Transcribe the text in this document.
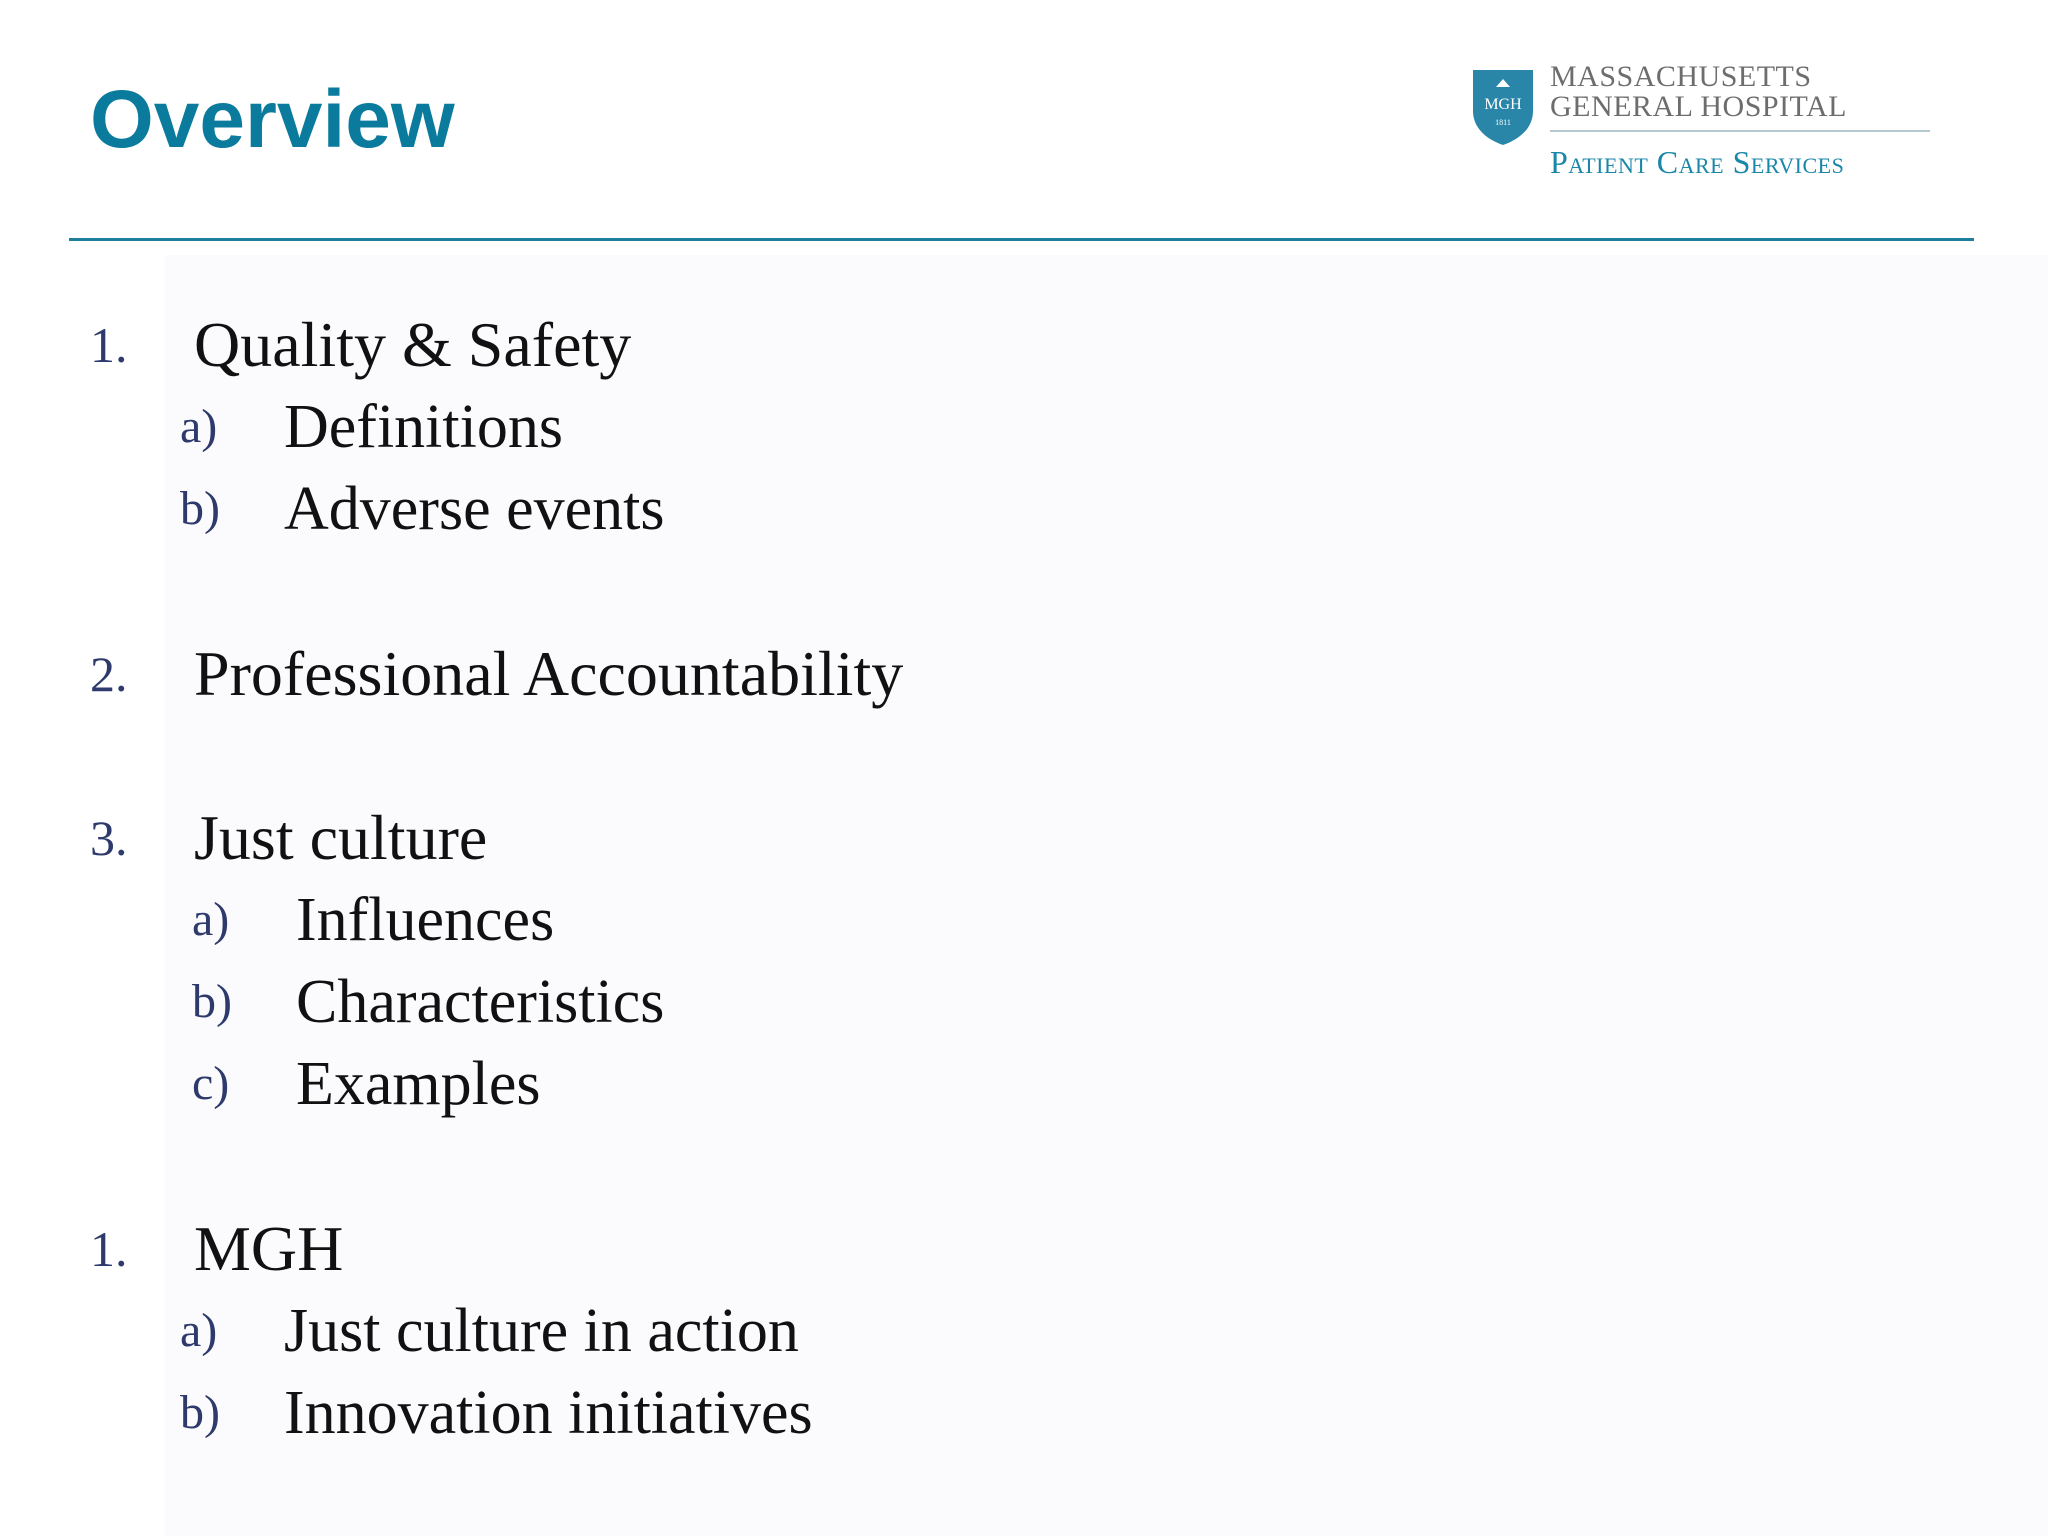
Overview	MGH
1811
MASSACHUSETTS
GENERAL HOSPITAL
Patient Care Services
1. Quality & Safety
a) Definitions
b) Adverse events
2. Professional Accountability
3. Just culture
a) Influences
b) Characteristics
c) Examples
1. MGH
a) Just culture in action
b) Innovation initiatives
